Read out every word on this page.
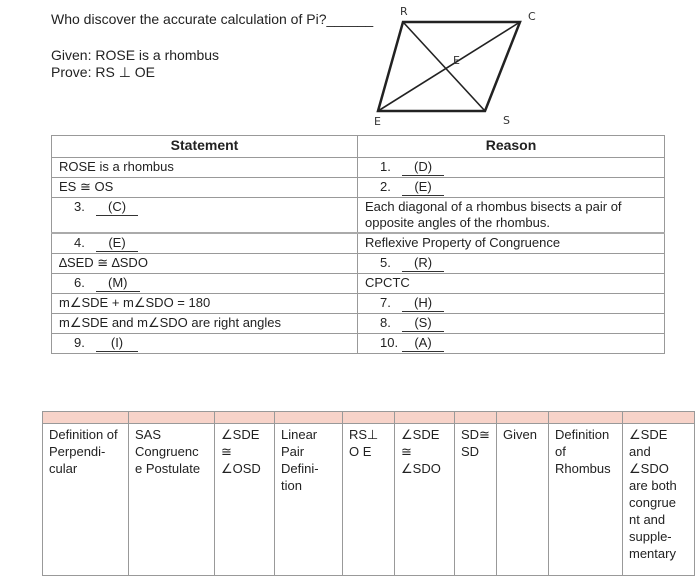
Who discover the accurate calculation of Pi?______
Given: ROSE is a rhombus
Prove: RS ⊥ OE
R	C
E
E	S
Statement	Reason
ROSE is a rhombus	1. (D)
ES ≅ OS	2. (E)
3. (C)	Each diagonal of a rhombus bisects a pair of opposite angles of the rhombus.
4. (E)	Reflexive Property of Congruence
∆SED ≅ ∆SDO	5. (R)
6. (M)	CPCTC
m∠SDE + m∠SDO = 180	7. (H)
m∠SDE and m∠SDO are right angles	8. (S)
9. (I)	10. (A)

Definition of Perpendi- cular	SAS Congruenc e Postulate	∠SDE≅ ∠OSD	Linear Pair Defini- tion	RS⊥O E	∠SDE≅ ∠SDO	SD≅ SD	Given	Definition of Rhombus	∠SDE and ∠SDO are both congrue nt and supple- mentary
